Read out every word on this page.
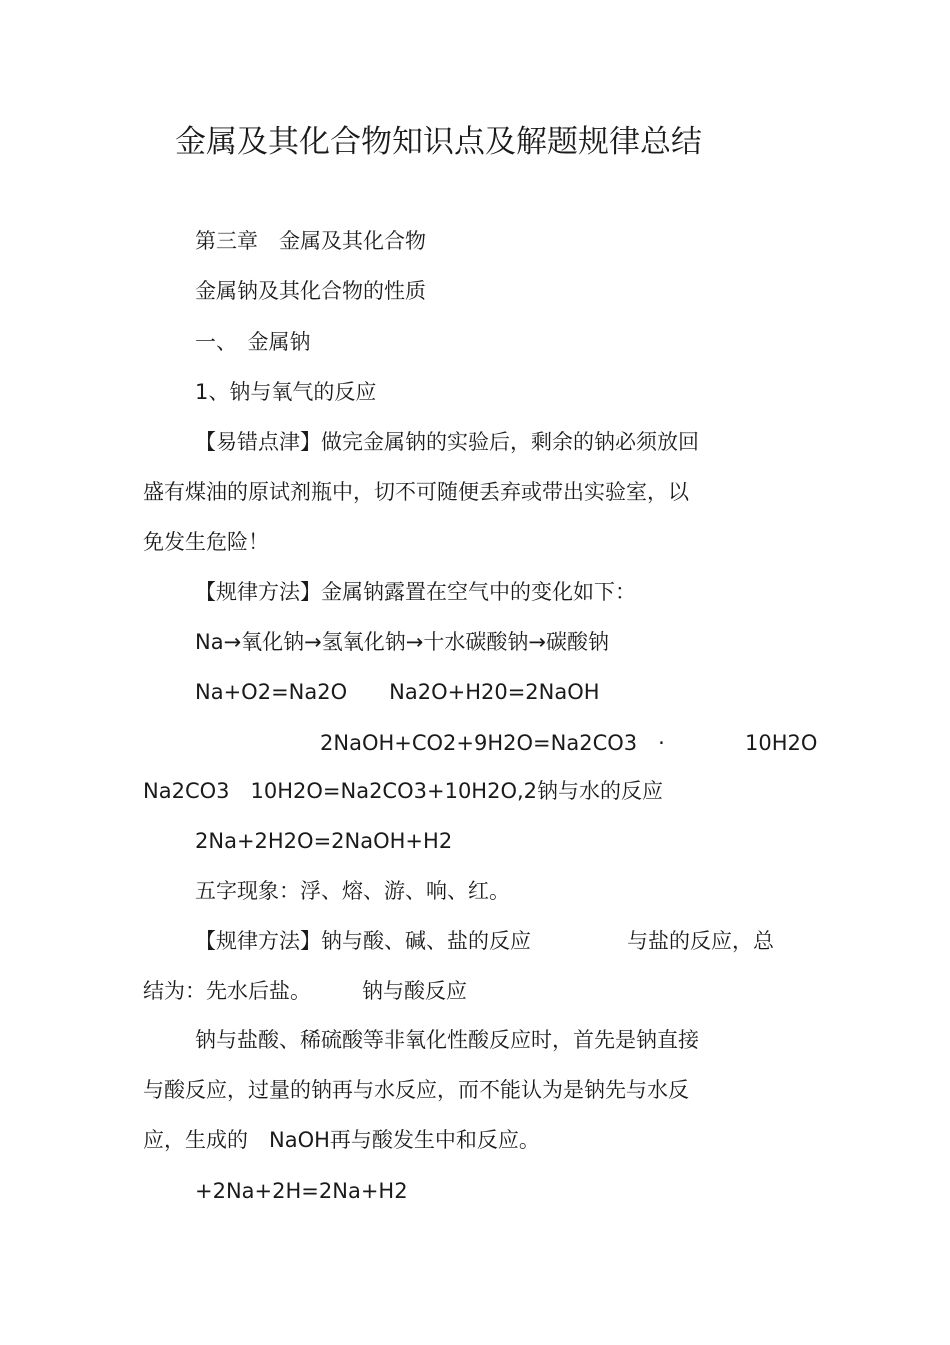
金属及其化合物知识点及解题规律总结
第三章　金属及其化合物
金属钠及其化合物的性质
一、　金属钠
1、钠与氧气的反应
【易错点津】做完金属钠的实验后，剩余的钠必须放回
盛有煤油的原试剂瓶中，切不可随便丢弃或带出实验室，以
免发生危险！
【规律方法】金属钠露置在空气中的变化如下：
Na→氧化钠→氢氧化钠→十水碳酸钠→碳酸钠
Na+O2=Na2O　　Na2O+H20=2NaOH
2NaOH+CO2+9H2O=Na2CO3　·	10H2O
Na2CO3　10H2O=Na2CO3+10H2O,2钠与水的反应
2Na+2H2O=2NaOH+H2
五字现象：浮、熔、游、响、红。
【规律方法】钠与酸、碱、盐的反应	与盐的反应，总
结为：先水后盐。 钠与酸反应
钠与盐酸、稀硫酸等非氧化性酸反应时，首先是钠直接
与酸反应，过量的钠再与水反应，而不能认为是钠先与水反
应，生成的　NaOH再与酸发生中和反应。
+2Na+2H=2Na+H2
